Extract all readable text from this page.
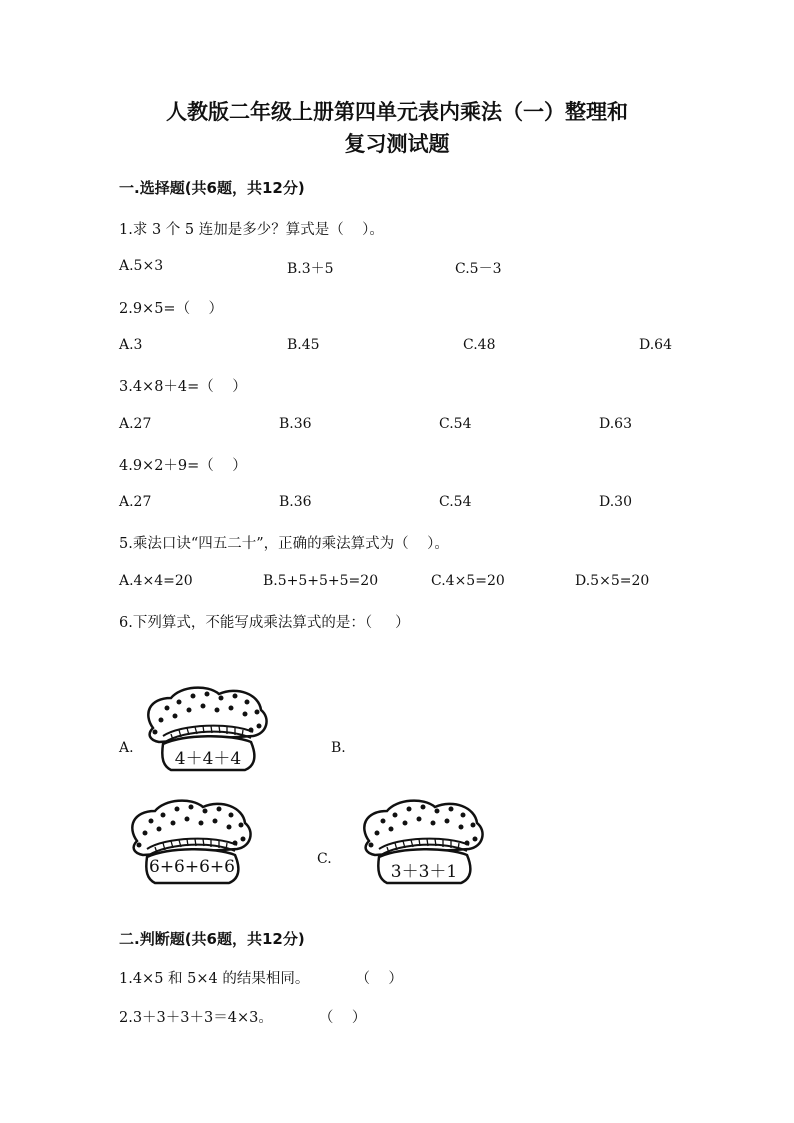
人教版二年级上册第四单元表内乘法（一）整理和
复习测试题
一.选择题(共6题，共12分)
1.求 3 个 5 连加是多少？算式是（    ）。
A.5×3	B.3＋5	C.5－3
2.9×5=（    ）
A.3	B.45	C.48	D.64
3.4×8＋4=（    ）
A.27	B.36	C.54	D.63
4.9×2＋9=（    ）
A.27	B.36	C.54	D.30
5.乘法口诀“四五二十”，正确的乘法算式为（    ）。
A.4×4=20	B.5+5+5+5=20	C.4×5=20	D.5×5=20
6.下列算式，不能写成乘法算式的是：（     ）
4＋4＋4
A.	B.
6+6+6+6	C.
3＋3＋1
二.判断题(共6题，共12分)
1.4×5 和 5×4 的结果相同。          （    ）
2.3＋3＋3＋3＝4×3。          （    ）
